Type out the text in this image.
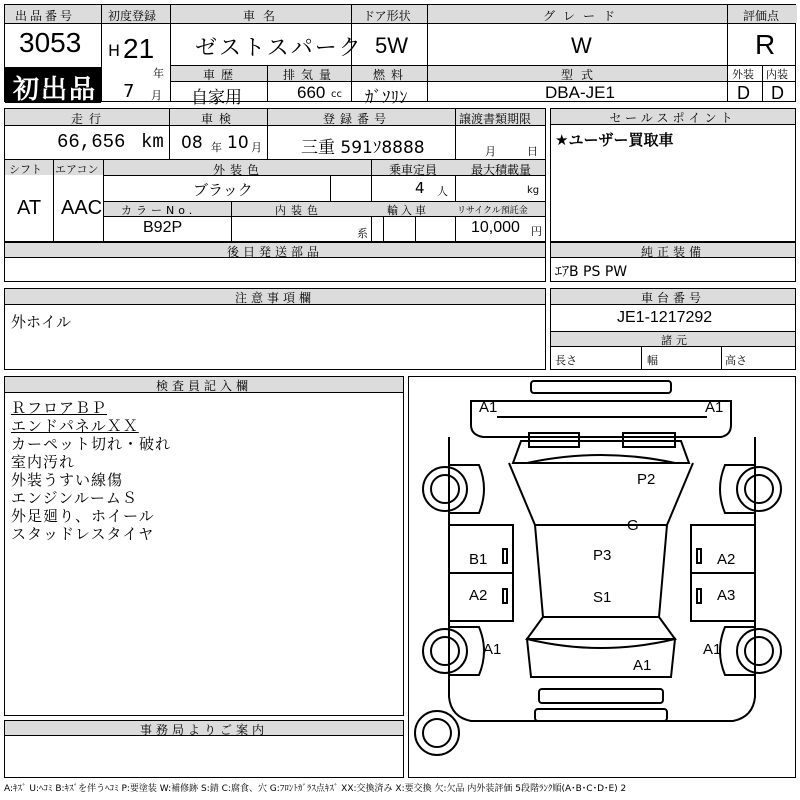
出品番号
3053
初出品
初度登録
H 21
年
7 月
車名
ゼストスパーク
ドア形状
5W
グレード
W
評価点
R
車歴
自家用
排気量
660 cc
燃料
ｶﾞｿﾘﾝ
型式
DBA-JE1
外装 内装
D D
走行
66,656 km
車検
08 年 10 月
登録番号
三重 591ｿ8888
譲渡書類期限
月	日
シフト エアコン
AT AAC
外装色
ブラック
乗車定員
4 人
最大積載量
kg
カラーNo.	内装色	輸入車	リサイクル預託金
B92P	系	10,000 円
セールスポイント
★ユーザー買取車
後日発送部品	純正装備
ｴｱB PS PW
注意事項欄
外ホイル
車台番号
JE1-1217292
諸元
長さ	幅	高さ
検査員記入欄
ＲフロアＢＰ
エンドパネルＸＸ
カーペット切れ・破れ
室内汚れ
外装うすい線傷
エンジンルームＳ
外足廻り、ホイール
スタッドレスタイヤ
事務局よりご案内
A1	A1
P2
G
B1	A2
P3
A2	A3
S1
A1	A1
A1
A:ｷｽﾞ U:ﾍｺﾐ B:ｷｽﾞを伴うﾍｺﾐ P:要塗装 W:補修跡 S:錆 C:腐食、穴 G:ﾌﾛﾝﾄｶﾞﾗｽ点ｷｽﾞ XX:交換済み X:要交換 欠:欠品 内外装評価 5段階ﾗﾝｸ順(A･B･C･D･E) 2
